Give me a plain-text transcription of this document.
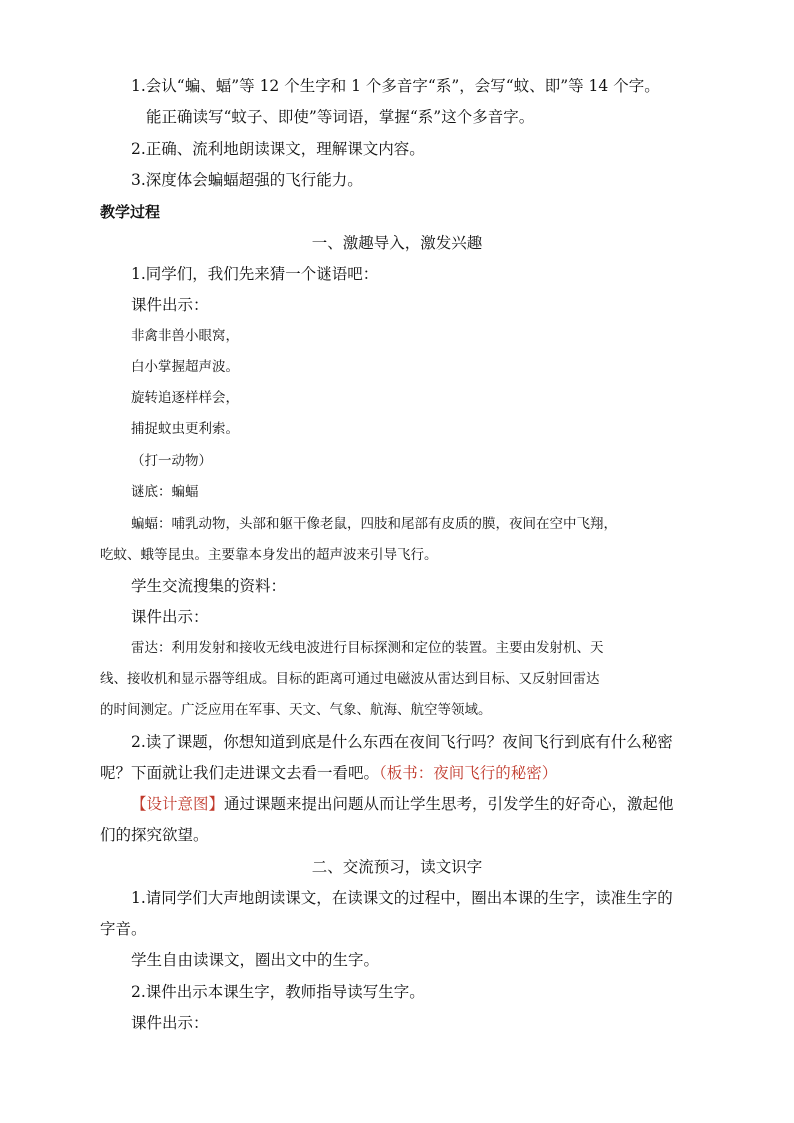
1.会认“蝙、蝠”等 12 个生字和 1 个多音字“系”，会写“蚊、即”等 14 个字。
能正确读写“蚊子、即使”等词语，掌握“系”这个多音字。
2.正确、流利地朗读课文，理解课文内容。
3.深度体会蝙蝠超强的飞行能力。
教学过程
一、激趣导入，激发兴趣
1.同学们，我们先来猜一个谜语吧：
课件出示：
非禽非兽小眼窝，
白小掌握超声波。
旋转追逐样样会，
捕捉蚊虫更利索。
（打一动物）
谜底：蝙蝠
蝙蝠：哺乳动物，头部和躯干像老鼠，四肢和尾部有皮质的膜，夜间在空中飞翔，
吃蚊、蛾等昆虫。主要靠本身发出的超声波来引导飞行。
学生交流搜集的资料：
课件出示：
雷达：利用发射和接收无线电波进行目标探测和定位的装置。主要由发射机、天
线、接收机和显示器等组成。目标的距离可通过电磁波从雷达到目标、又反射回雷达
的时间测定。广泛应用在军事、天文、气象、航海、航空等领域。
2.读了课题，你想知道到底是什么东西在夜间飞行吗？夜间飞行到底有什么秘密
呢？下面就让我们走进课文去看一看吧。（板书：夜间飞行的秘密）
【设计意图】通过课题来提出问题从而让学生思考，引发学生的好奇心，激起他
们的探究欲望。
二、交流预习，读文识字
1.请同学们大声地朗读课文，在读课文的过程中，圈出本课的生字，读准生字的
字音。
学生自由读课文，圈出文中的生字。
2.课件出示本课生字，教师指导读写生字。
课件出示：
